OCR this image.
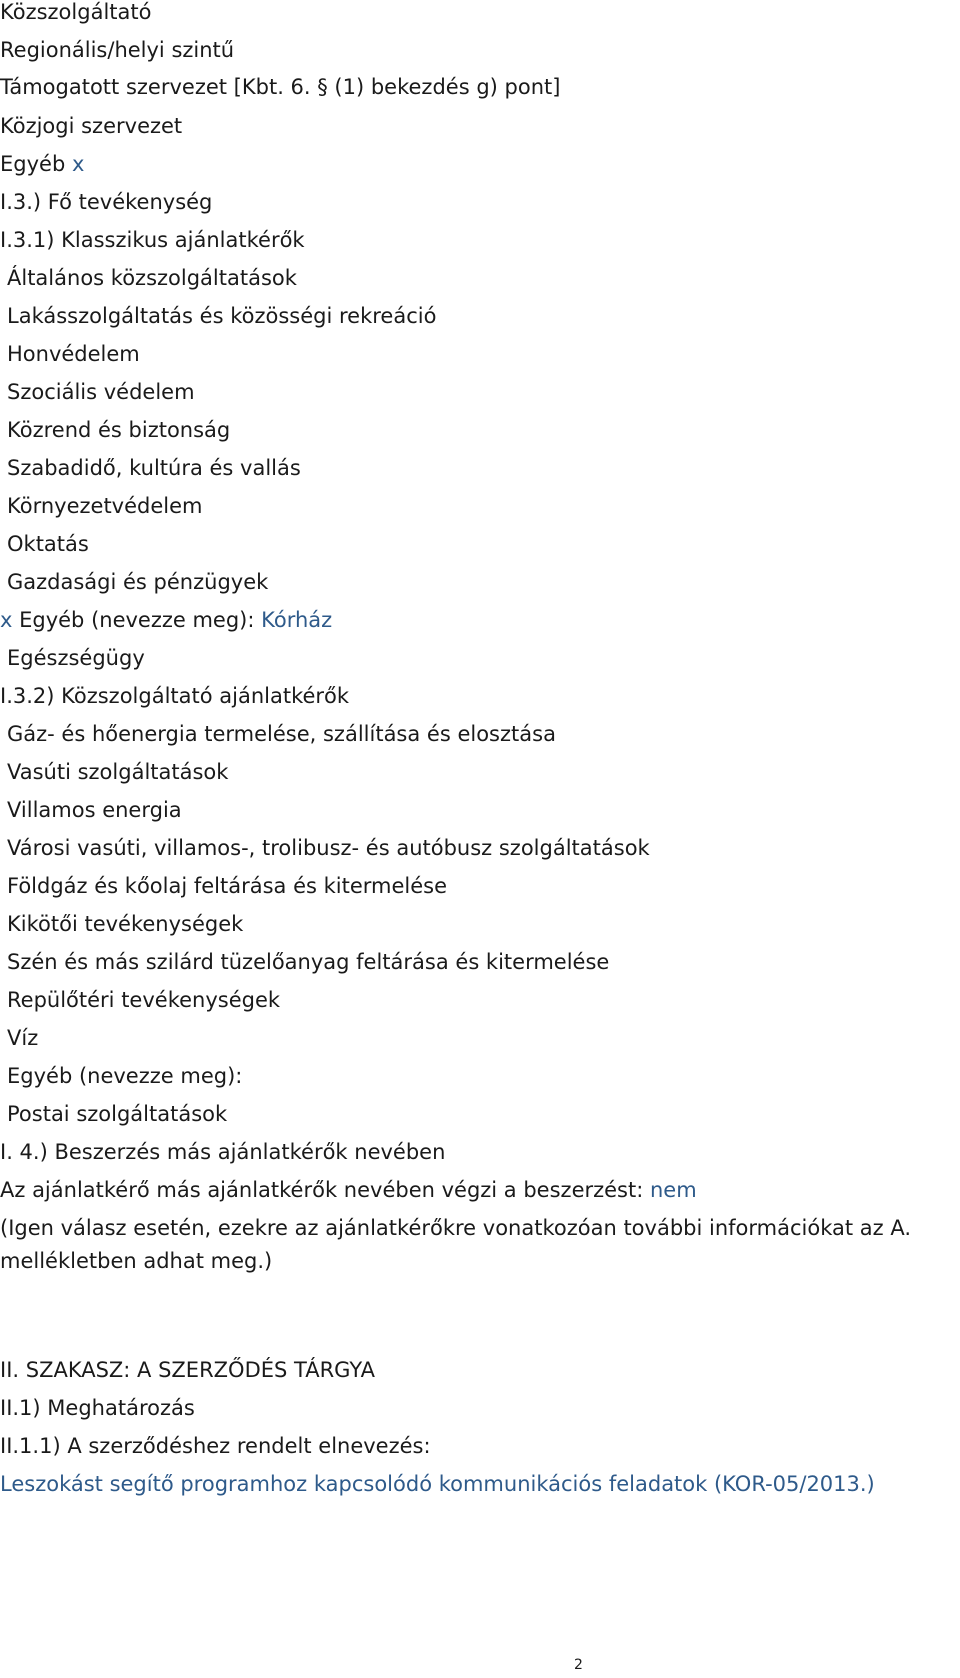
Közszolgáltató
Regionális/helyi szintű
Támogatott szervezet [Kbt. 6. § (1) bekezdés g) pont]
Közjogi szervezet
Egyéb x
I.3.) Fő tevékenység
I.3.1) Klasszikus ajánlatkérők
Általános közszolgáltatások
Lakásszolgáltatás és közösségi rekreáció
Honvédelem
Szociális védelem
Közrend és biztonság
Szabadidő, kultúra és vallás
Környezetvédelem
Oktatás
Gazdasági és pénzügyek
x Egyéb (nevezze meg): Kórház
Egészségügy
I.3.2) Közszolgáltató ajánlatkérők
Gáz- és hőenergia termelése, szállítása és elosztása
Vasúti szolgáltatások
Villamos energia
Városi vasúti, villamos-, trolibusz- és autóbusz szolgáltatások
Földgáz és kőolaj feltárása és kitermelése
Kikötői tevékenységek
Szén és más szilárd tüzelőanyag feltárása és kitermelése
Repülőtéri tevékenységek
Víz
Egyéb (nevezze meg):
Postai szolgáltatások
I. 4.) Beszerzés más ajánlatkérők nevében
Az ajánlatkérő más ajánlatkérők nevében végzi a beszerzést: nem
(Igen válasz esetén, ezekre az ajánlatkérőkre vonatkozóan további információkat az A.
mellékletben adhat meg.)
II. SZAKASZ: A SZERZŐDÉS TÁRGYA
II.1) Meghatározás
II.1.1) A szerződéshez rendelt elnevezés:
Leszokást segítő programhoz kapcsolódó kommunikációs feladatok (KOR-05/2013.)
2
